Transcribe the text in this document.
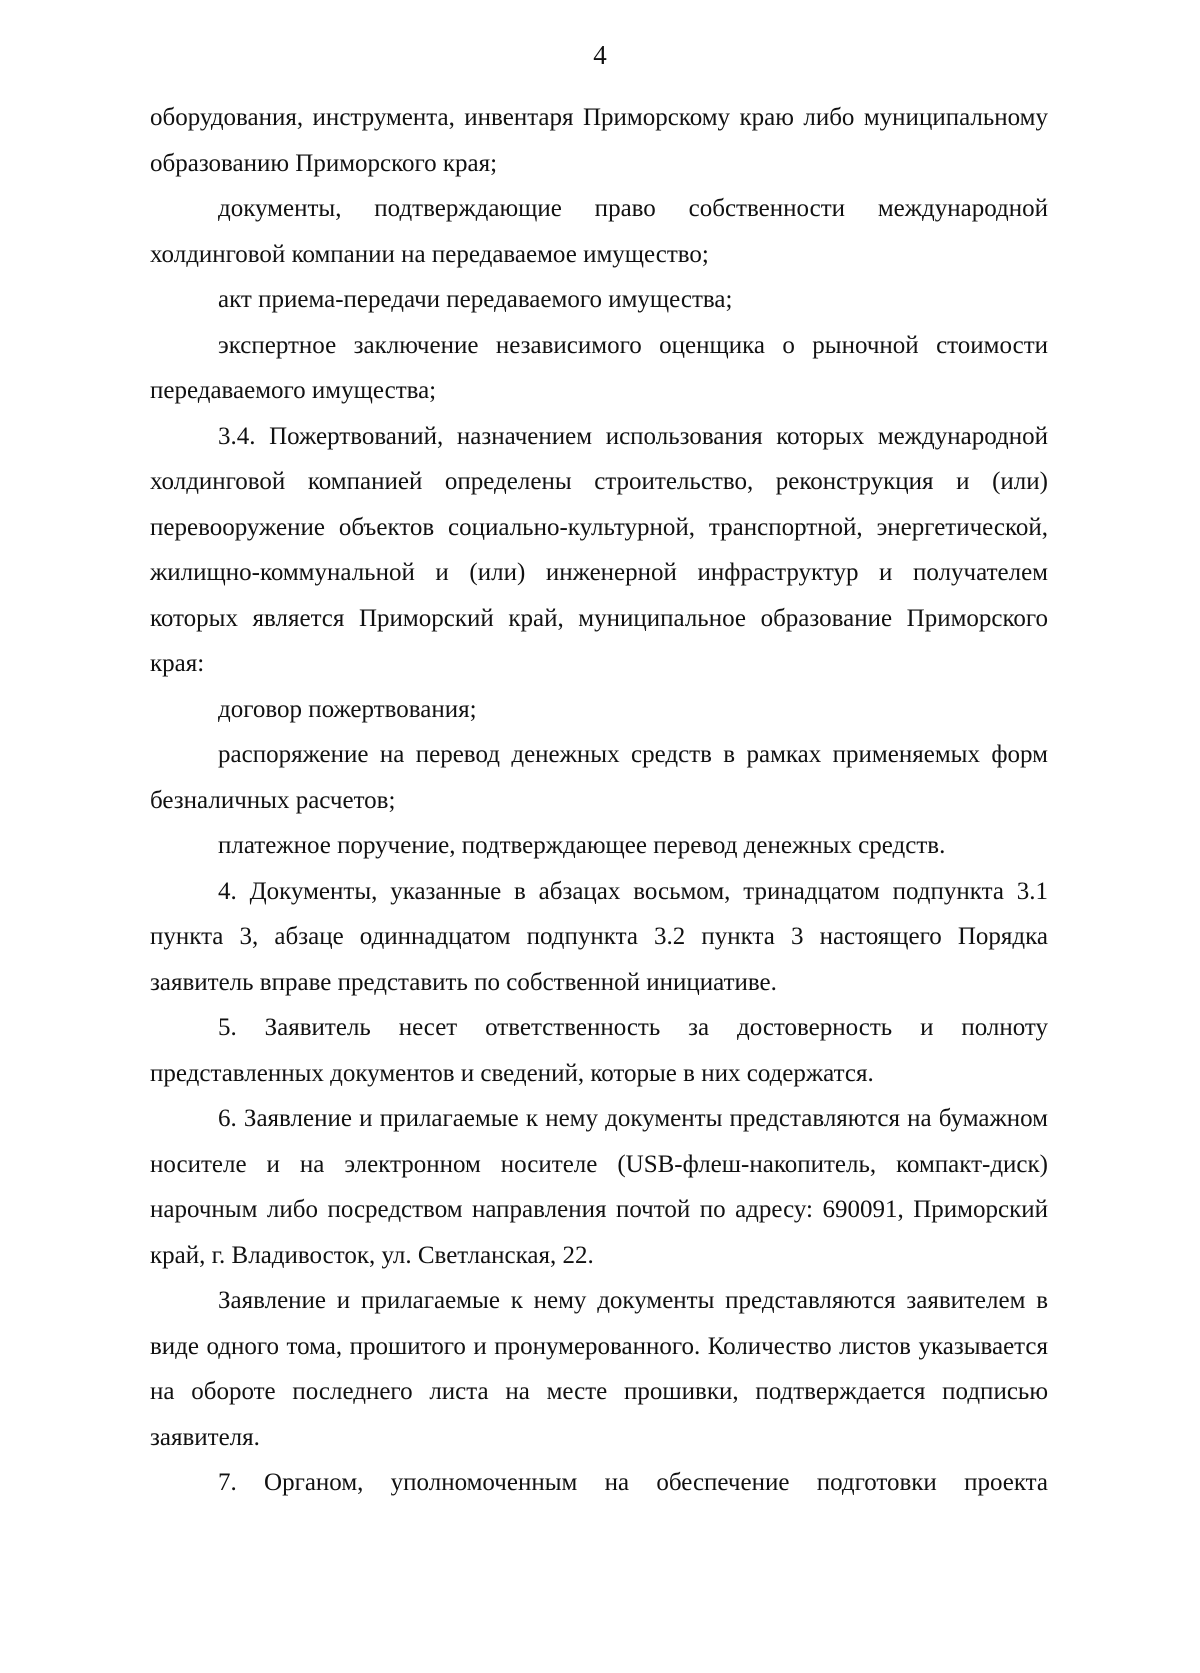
4

оборудования, инструмента, инвентаря Приморскому краю либо муниципальному образованию Приморского края;

документы, подтверждающие право собственности международной холдинговой компании на передаваемое имущество;

акт приема-передачи передаваемого имущества;

экспертное заключение независимого оценщика о рыночной стоимости передаваемого имущества;

3.4. Пожертвований, назначением использования которых международной холдинговой компанией определены строительство, реконструкция и (или) перевооружение объектов социально-культурной, транспортной, энергетической, жилищно-коммунальной и (или) инженерной инфраструктур и получателем которых является Приморский край, муниципальное образование Приморского края:

договор пожертвования;

распоряжение на перевод денежных средств в рамках применяемых форм безналичных расчетов;

платежное поручение, подтверждающее перевод денежных средств.

4. Документы, указанные в абзацах восьмом, тринадцатом подпункта 3.1 пункта 3, абзаце одиннадцатом подпункта 3.2 пункта 3 настоящего Порядка заявитель вправе представить по собственной инициативе.

5. Заявитель несет ответственность за достоверность и полноту представленных документов и сведений, которые в них содержатся.

6. Заявление и прилагаемые к нему документы представляются на бумажном носителе и на электронном носителе (USB-флеш-накопитель, компакт-диск) нарочным либо посредством направления почтой по адресу: 690091, Приморский край, г. Владивосток, ул. Светланская, 22.

Заявление и прилагаемые к нему документы представляются заявителем в виде одного тома, прошитого и пронумерованного. Количество листов указывается на обороте последнего листа на месте прошивки, подтверждается подписью заявителя.

7. Органом, уполномоченным на обеспечение подготовки проекта
